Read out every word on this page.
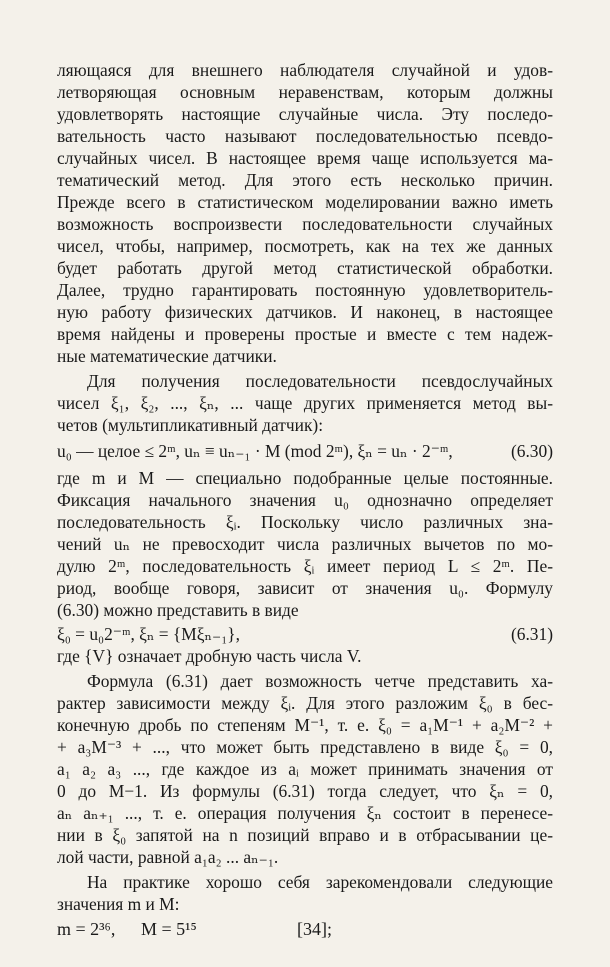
ляющаяся для внешнего наблюдателя случайной и удов-
летворяющая основным неравенствам, которым должны
удовлетворять настоящие случайные числа. Эту последо-
вательность часто называют последовательностью псевдо-
случайных чисел. В настоящее время чаще используется ма-
тематический метод. Для этого есть несколько причин.
Прежде всего в статистическом моделировании важно иметь
возможность воспроизвести последовательности случайных
чисел, чтобы, например, посмотреть, как на тех же данных
будет работать другой метод статистической обработки.
Далее, трудно гарантировать постоянную удовлетворитель-
ную работу физических датчиков. И наконец, в настоящее
время найдены и проверены простые и вместе с тем надеж-
ные математические датчики.
Для получения последовательности псевдослучайных
чисел ξ₁, ξ₂, ..., ξₙ, ... чаще других применяется метод вы-
четов (мультипликативный датчик):
u₀ — целое ≤ 2ᵐ, uₙ ≡ uₙ₋₁ · M (mod 2ᵐ), ξₙ = uₙ · 2⁻ᵐ,	(6.30)
где m и M — специально подобранные целые постоянные.
Фиксация начального значения u₀ однозначно определяет
последовательность ξᵢ. Поскольку число различных зна-
чений uₙ не превосходит числа различных вычетов по мо-
дулю 2ᵐ, последовательность ξᵢ имеет период L ≤ 2ᵐ. Пе-
риод, вообще говоря, зависит от значения u₀. Формулу
(6.30) можно представить в виде
ξ₀ = u₀2⁻ᵐ, ξₙ = {Mξₙ₋₁},	(6.31)
где {V} означает дробную часть числа V.
Формула (6.31) дает возможность четче представить ха-
рактер зависимости между ξᵢ. Для этого разложим ξ₀ в бес-
конечную дробь по степеням M⁻¹, т. е. ξ₀ = a₁M⁻¹ + a₂M⁻² +
+ a₃M⁻³ + ..., что может быть представлено в виде ξ₀ = 0,
a₁ a₂ a₃ ..., где каждое из aᵢ может принимать значения от
0 до M−1. Из формулы (6.31) тогда следует, что ξₙ = 0,
aₙ aₙ₊₁ ..., т. е. операция получения ξₙ состоит в перенесе-
нии в ξ₀ запятой на n позиций вправо и в отбрасывании це-
лой части, равной a₁a₂ ... aₙ₋₁.
На практике хорошо себя зарекомендовали следующие
значения m и M:
m = 2³⁶, M = 5¹⁵	[34];
